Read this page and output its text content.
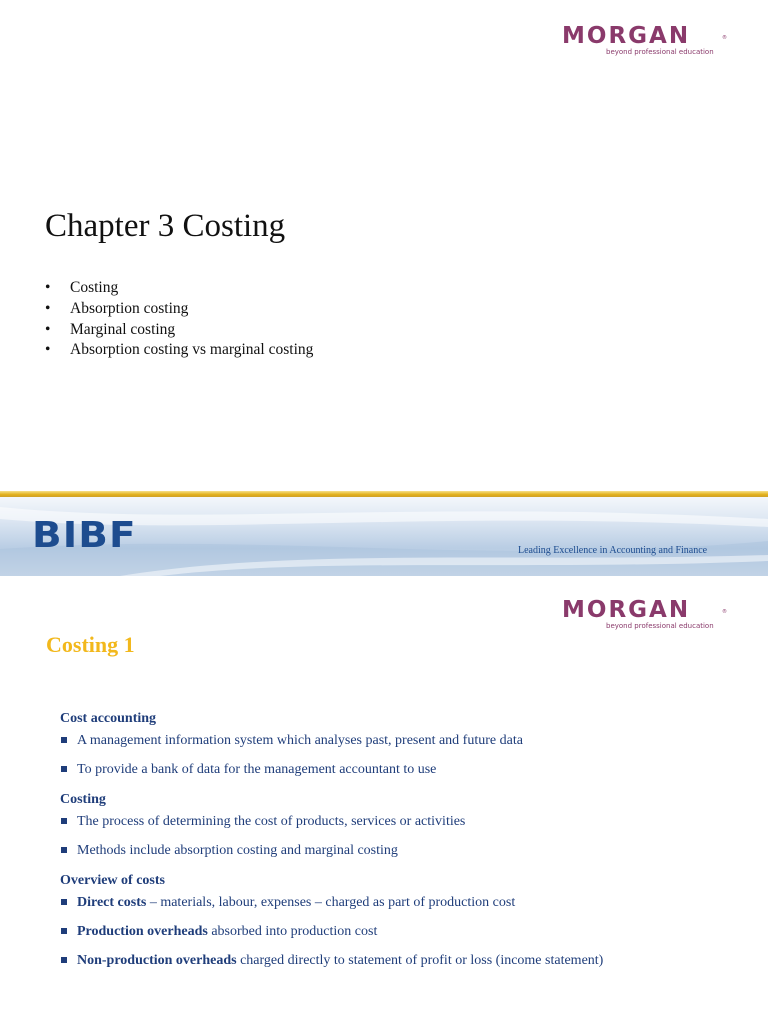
MORGAN	®
beyond professional education
Chapter 3 Costing
• Costing
• Absorption costing
• Marginal costing
• Absorption costing vs marginal costing
BIBF	Leading Excellence in Accounting and Finance
MORGAN	®
beyond professional education
Costing 1

Cost accounting

A management information system which analyses past, present and future data
To provide a bank of data for the management accountant to use

Costing

The process of determining the cost of products, services or activities
Methods include absorption costing and marginal costing

Overview of costs

Direct costs – materials, labour, expenses – charged as part of production cost
Production overheads absorbed into production cost
Non-production overheads charged directly to statement of profit or loss (income statement)
